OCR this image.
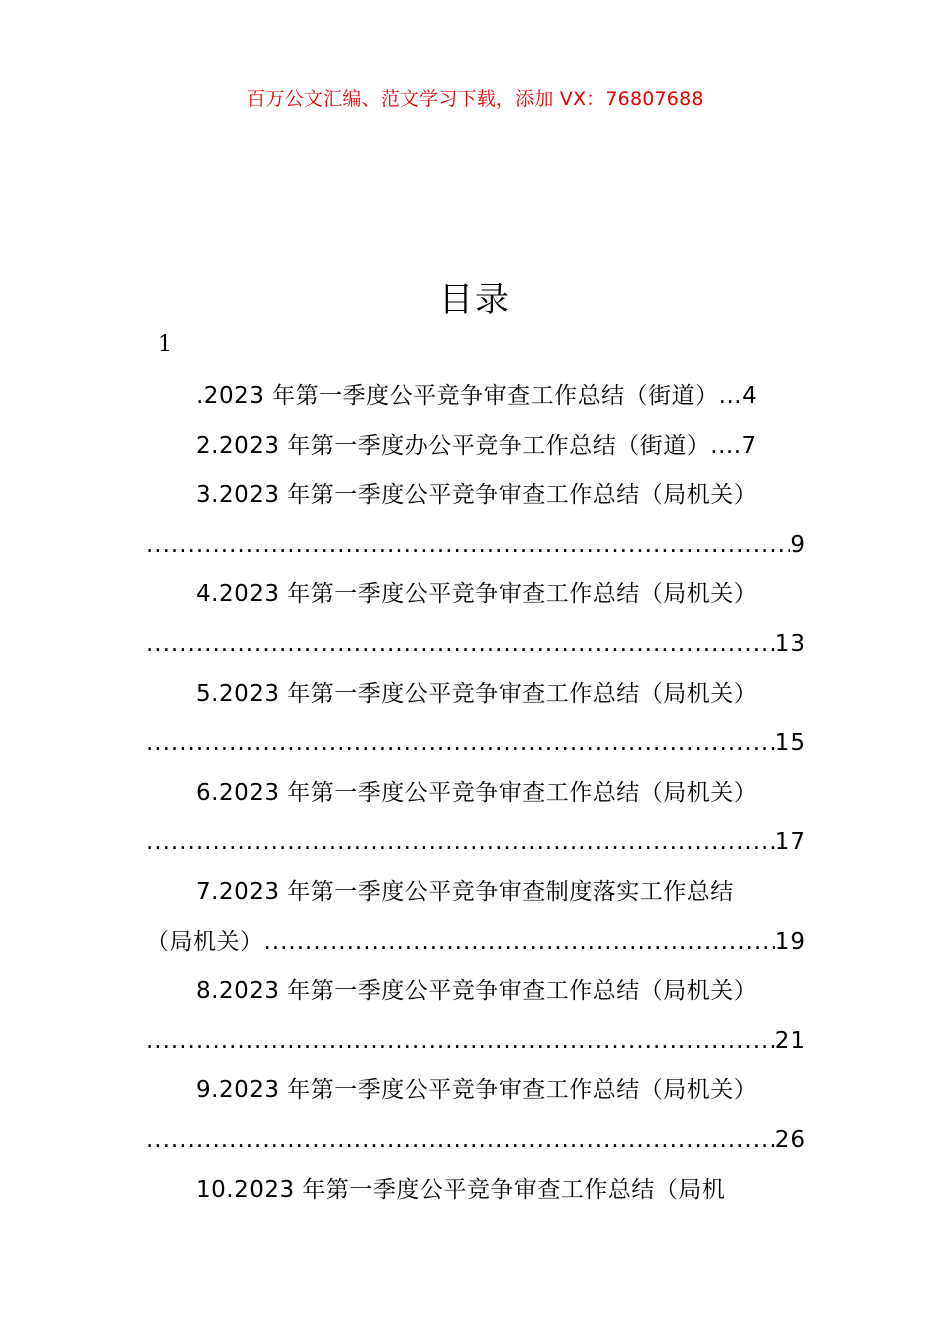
百万公文汇编、范文学习下载，添加 VX：76807688
目录
1
.2023 年第一季度公平竞争审查工作总结（街道） ... 4
2.2023 年第一季度办公平竞争工作总结（街道） .... 7
3.2023 年第一季度公平竞争审查工作总结（局机关）
.....
9
4.2023 年第一季度公平竞争审查工作总结（局机关）
.....
13
5.2023 年第一季度公平竞争审查工作总结（局机关）
.....
15
6.2023 年第一季度公平竞争审查工作总结（局机关）
.....
17
7.2023 年第一季度公平竞争审查制度落实工作总结
（局机关） .....	19
8.2023 年第一季度公平竞争审查工作总结（局机关）
.....
21
9.2023 年第一季度公平竞争审查工作总结（局机关）
.....
26
10.2023 年第一季度公平竞争审查工作总结（局机
